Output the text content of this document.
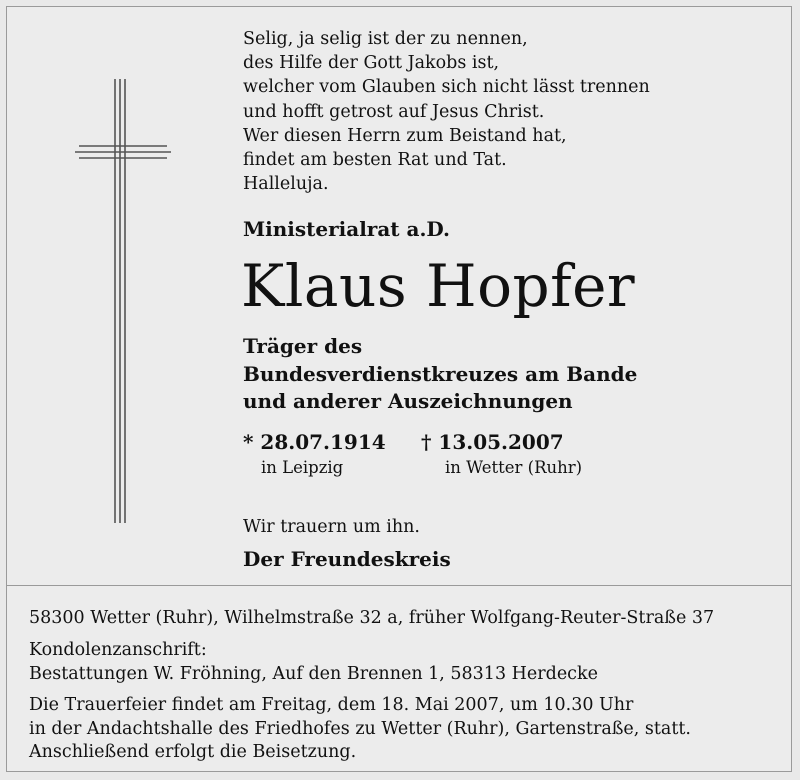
Selig, ja selig ist der zu nennen,
des Hilfe der Gott Jakobs ist,
welcher vom Glauben sich nicht lässt trennen
und hofft getrost auf Jesus Christ.
Wer diesen Herrn zum Beistand hat,
findet am besten Rat und Tat.
Halleluja.
Ministerialrat a.D.
Klaus Hopfer
Träger des
Bundesverdienstkreuzes am Bande
und anderer Auszeichnungen
* 28.07.1914 † 13.05.2007
in Leipzig	in Wetter (Ruhr)
Wir trauern um ihn.
Der Freundeskreis
58300 Wetter (Ruhr), Wilhelmstraße 32 a, früher Wolfgang-Reuter-Straße 37
Kondolenzanschrift:
Bestattungen W. Fröhning, Auf den Brennen 1, 58313 Herdecke
Die Trauerfeier findet am Freitag, dem 18. Mai 2007, um 10.30 Uhr
in der Andachtshalle des Friedhofes zu Wetter (Ruhr), Gartenstraße, statt.
Anschließend erfolgt die Beisetzung.
